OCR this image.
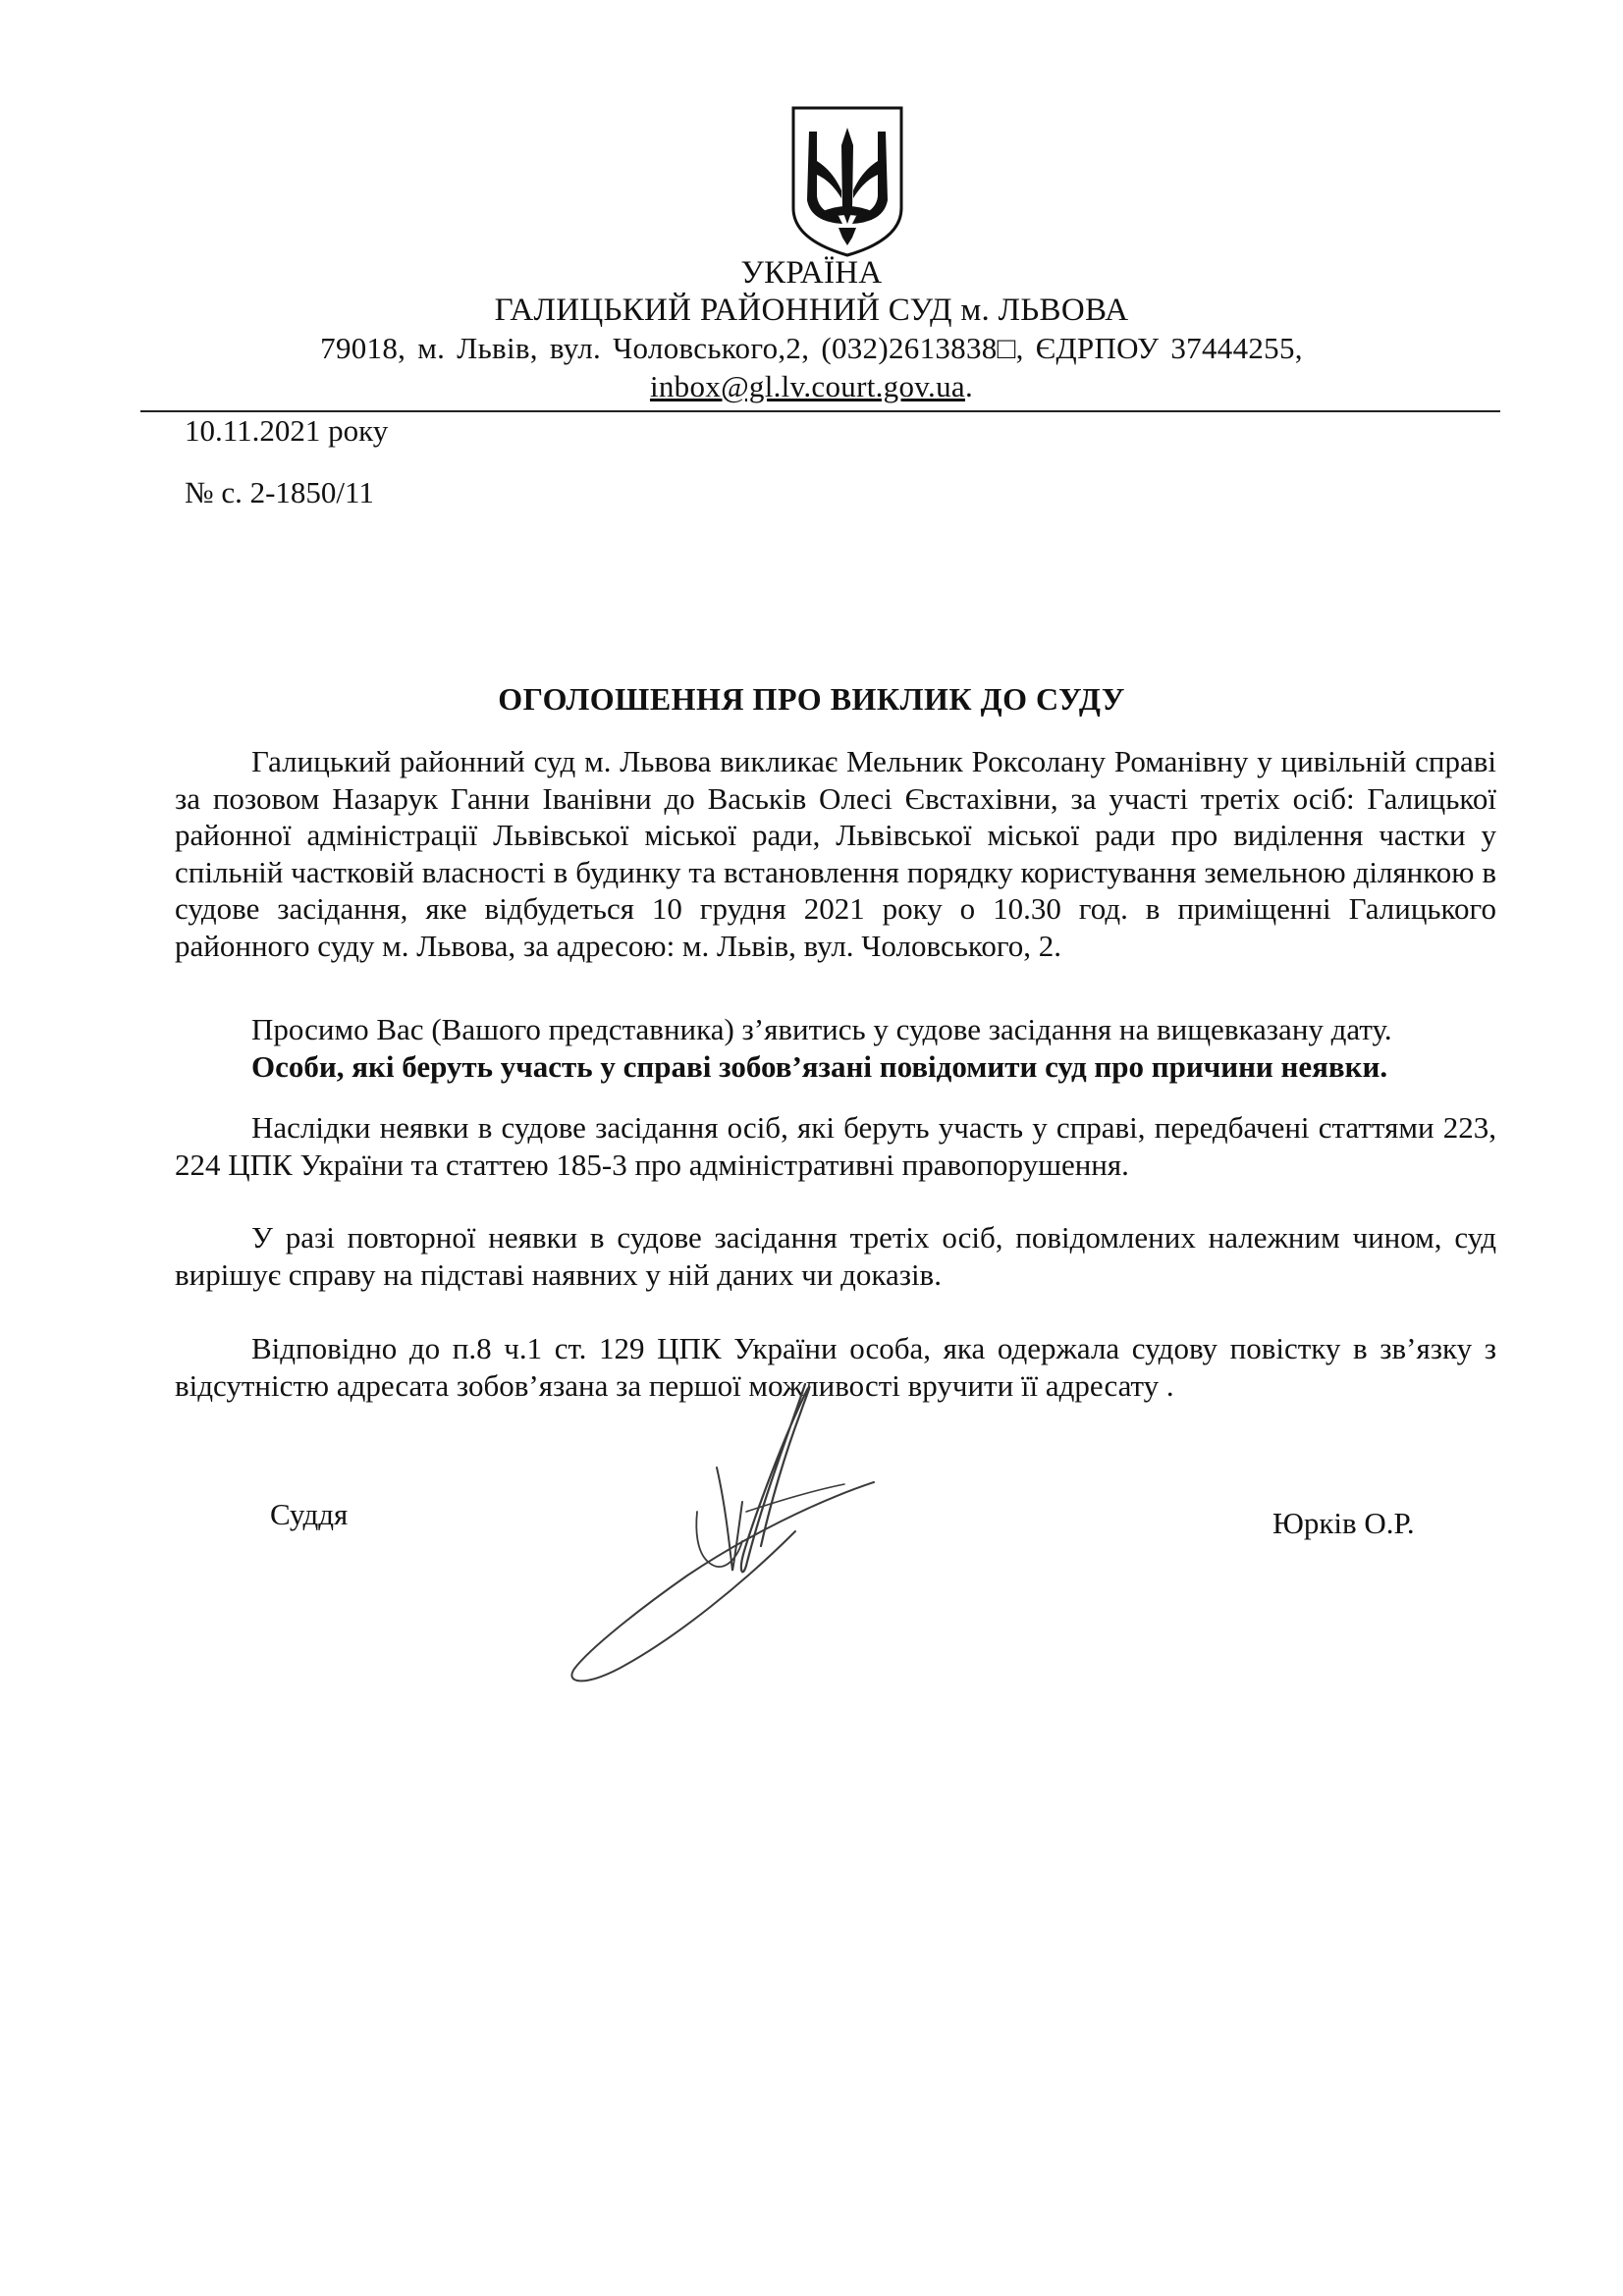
УКРАЇНА
ГАЛИЦЬКИЙ РАЙОННИЙ СУД м. ЛЬВОВА
79018, м. Львів, вул. Чоловського,2, (032)2613838□, ЄДРПОУ 37444255,
inbox@gl.lv.court.gov.ua.
10.11.2021 року
№ с. 2-1850/11
ОГОЛОШЕННЯ ПРО ВИКЛИК ДО СУДУ

Галицький районний суд м. Львова викликає Мельник Роксолану Романівну у цивільній справі за позовом Назарук Ганни Іванівни до Васьків Олесі Євстахівни, за участі третіх осіб: Галицької районної адміністрації Львівської міської ради, Львівської міської ради про виділення частки у спільній частковій власності в будинку та встановлення порядку користування земельною ділянкою в судове засідання, яке відбудеться 10 грудня 2021 року о 10.30 год. в приміщенні Галицького районного суду м. Львова, за адресою: м. Львів, вул. Чоловського, 2.

Просимо Вас (Вашого представника) з’явитись у судове засідання на вищевказану дату.

Особи, які беруть участь у справі зобов’язані повідомити суд про причини неявки.

Наслідки неявки в судове засідання осіб, які беруть участь у справі, передбачені статтями 223, 224 ЦПК України та статтею 185-3 про адміністративні правопорушення.

У разі повторної неявки в судове засідання третіх осіб, повідомлених належним чином, суд вирішує справу на підставі наявних у ній даних чи доказів.

Відповідно до п.8 ч.1 ст. 129 ЦПК України особа, яка одержала судову повістку в зв’язку з відсутністю адресата зобов’язана за першої можливості вручити її адресату .

Суддя	Юрків О.Р.
